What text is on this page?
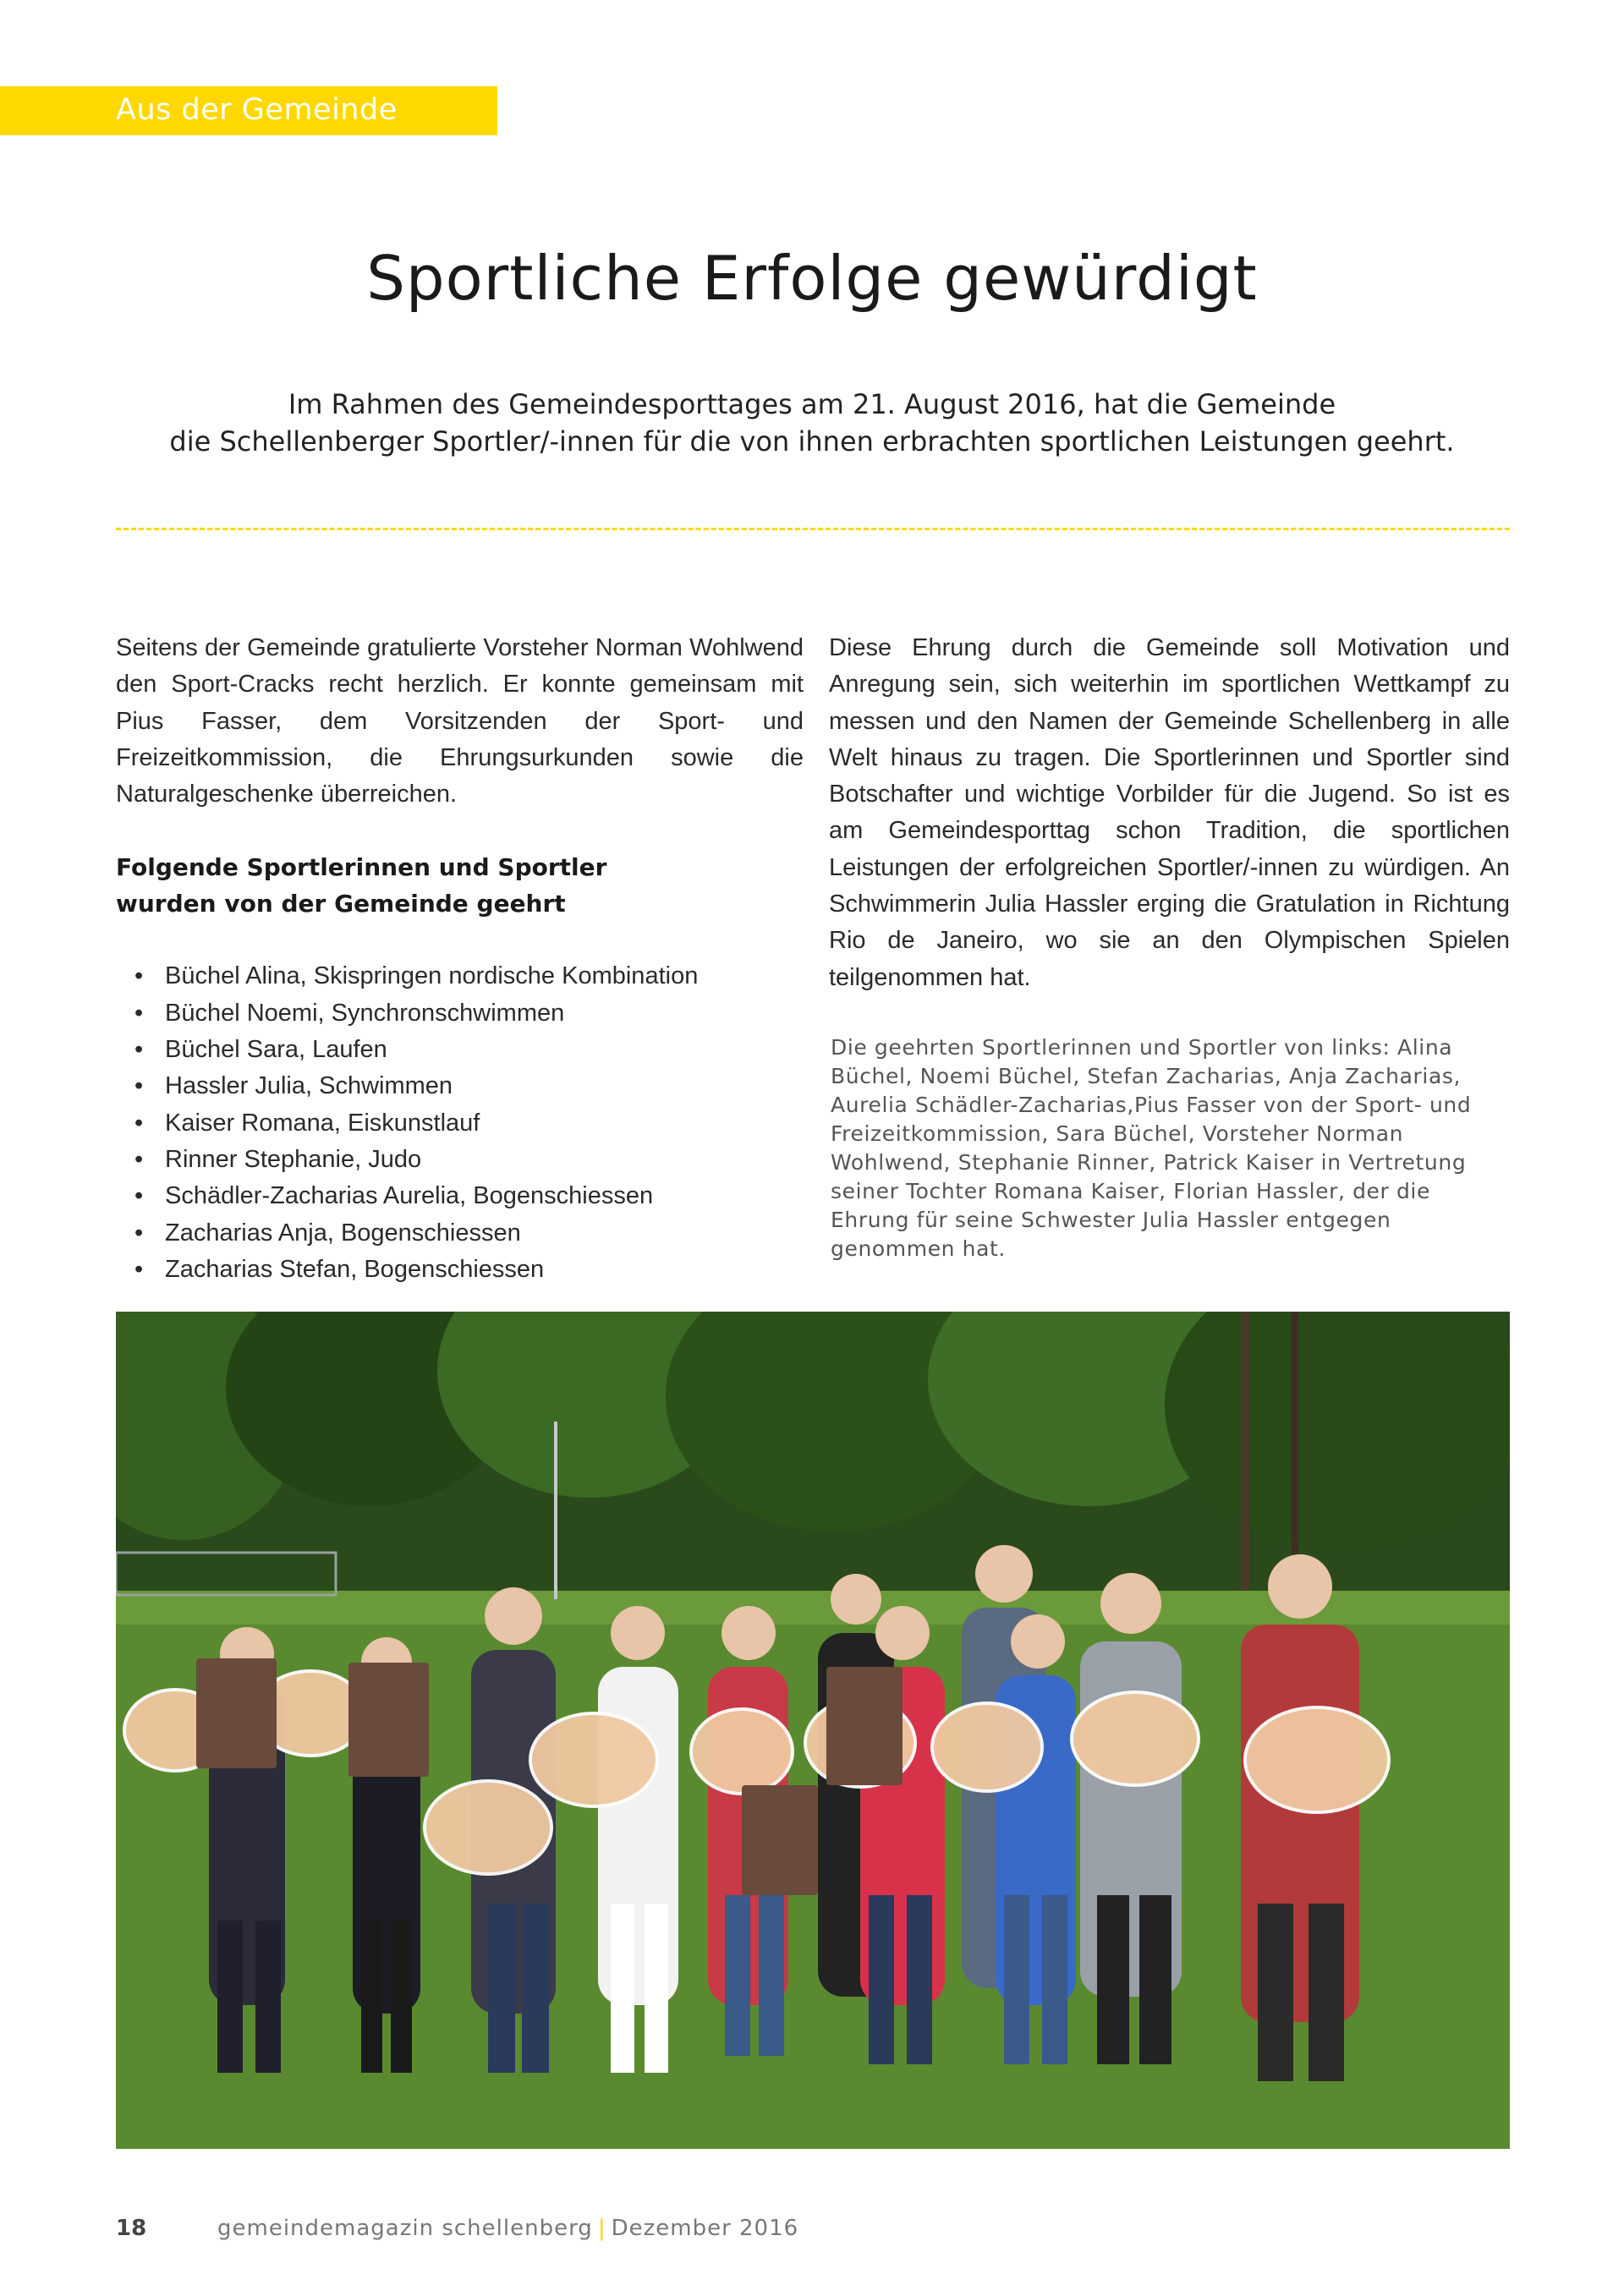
Aus der Gemeinde
Sportliche Erfolge gewürdigt
Im Rahmen des Gemeindesporttages am 21. August 2016, hat die Gemeinde
die Schellenberger Sportler/-innen für die von ihnen erbrachten sportlichen Leistungen geehrt.

Seitens der Gemeinde gratulierte Vorsteher Norman Wohlwend den Sport-Cracks recht herzlich. Er konnte gemeinsam mit Pius Fasser, dem Vorsitzenden der Sport- und Freizeitkommission, die Ehrungsurkunden sowie die Naturalgeschenke überreichen.

Folgende Sportlerinnen und Sportler
wurden von der Gemeinde geehrt
• Büchel Alina, Skispringen nordische Kombination
• Büchel Noemi, Synchronschwimmen
• Büchel Sara, Laufen
• Hassler Julia, Schwimmen
• Kaiser Romana, Eiskunstlauf
• Rinner Stephanie, Judo
• Schädler-Zacharias Aurelia, Bogenschiessen
• Zacharias Anja, Bogenschiessen
• Zacharias Stefan, Bogenschiessen

Diese Ehrung durch die Gemeinde soll Motivation und Anregung sein, sich weiterhin im sportlichen Wettkampf zu messen und den Namen der Gemeinde Schellenberg in alle Welt hinaus zu tragen. Die Sportlerinnen und Sportler sind Botschafter und wichtige Vorbilder für die Jugend. So ist es am Gemeindesporttag schon Tradition, die sportlichen Leistungen der erfolgreichen Sportler/-innen zu würdigen. An Schwimmerin Julia Hassler erging die Gratulation in Richtung Rio de Janeiro, wo sie an den Olympischen Spielen teilgenommen hat.

Die geehrten Sportlerinnen und Sportler von links: Alina Büchel, Noemi Büchel, Stefan Zacharias, Anja Zacharias, Aurelia Schädler-Zacharias,Pius Fasser von der Sport- und Freizeitkommission, Sara Büchel, Vorsteher Norman Wohlwend, Stephanie Rinner, Patrick Kaiser in Vertretung seiner Tochter Romana Kaiser, Florian Hassler, der die Ehrung für seine Schwester Julia Hassler entgegen genommen hat.
18	gemeindemagazin schellenberg | Dezember 2016
